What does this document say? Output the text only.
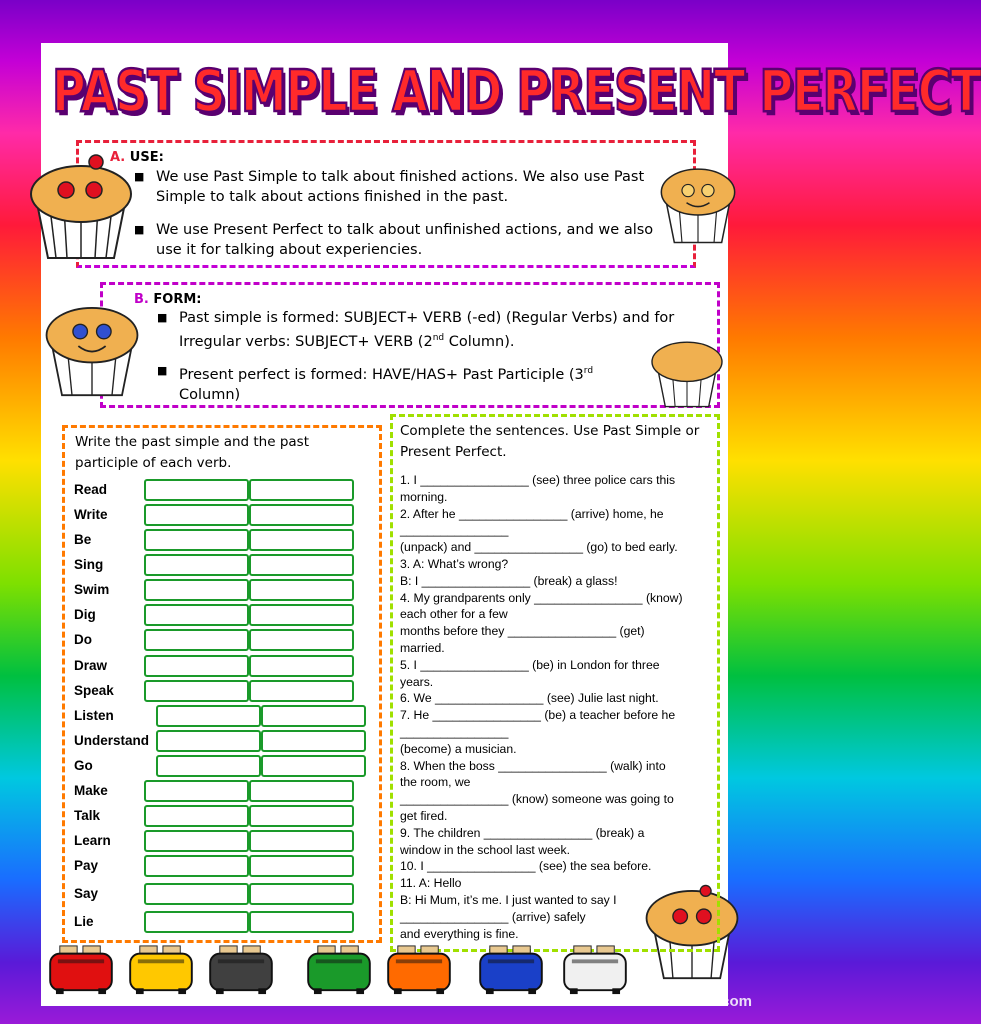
PAST SIMPLE AND PRESENT PERFECT
A. USE:
■ We use Past Simple to talk about finished actions. We also use Past Simple to talk about actions finished in the past.
■ We use Present Perfect to talk about unfinished actions, and we also use it for talking about experiencies.
B. FORM:
■ Past simple is formed: SUBJECT+ VERB (-ed) (Regular Verbs) and for Irregular verbs: SUBJECT+ VERB (2nd Column).
■ Present perfect is formed: HAVE/HAS+ Past Participle (3rd Column)
Write the past simple and the past participle of each verb.
Read
Write
Be
Sing
Swim
Dig
Do
Draw
Speak
Listen
Understand
Go
Make
Talk
Learn
Pay
Say
Lie
Complete the sentences. Use Past Simple or Present Perfect.
1. I ________________ (see) three police cars this
morning.
2. After he ________________ (arrive) home, he
________________
(unpack) and ________________ (go) to bed early.
3. A: What’s wrong?
B: I ________________ (break) a glass!
4. My grandparents only ________________ (know)
each other for a few
months before they ________________ (get)
married.
5. I ________________ (be) in London for three
years.
6. We ________________ (see) Julie last night.
7. He ________________ (be) a teacher before he
________________
(become) a musician.
8. When the boss ________________ (walk) into
the room, we
________________ (know) someone was going to
get fired.
9. The children ________________ (break) a
window in the school last week.
10. I ________________ (see) the sea before.
11. A: Hello
B: Hi Mum, it’s me. I just wanted to say I
________________ (arrive) safely
and everything is fine.
iSLCollective.com
